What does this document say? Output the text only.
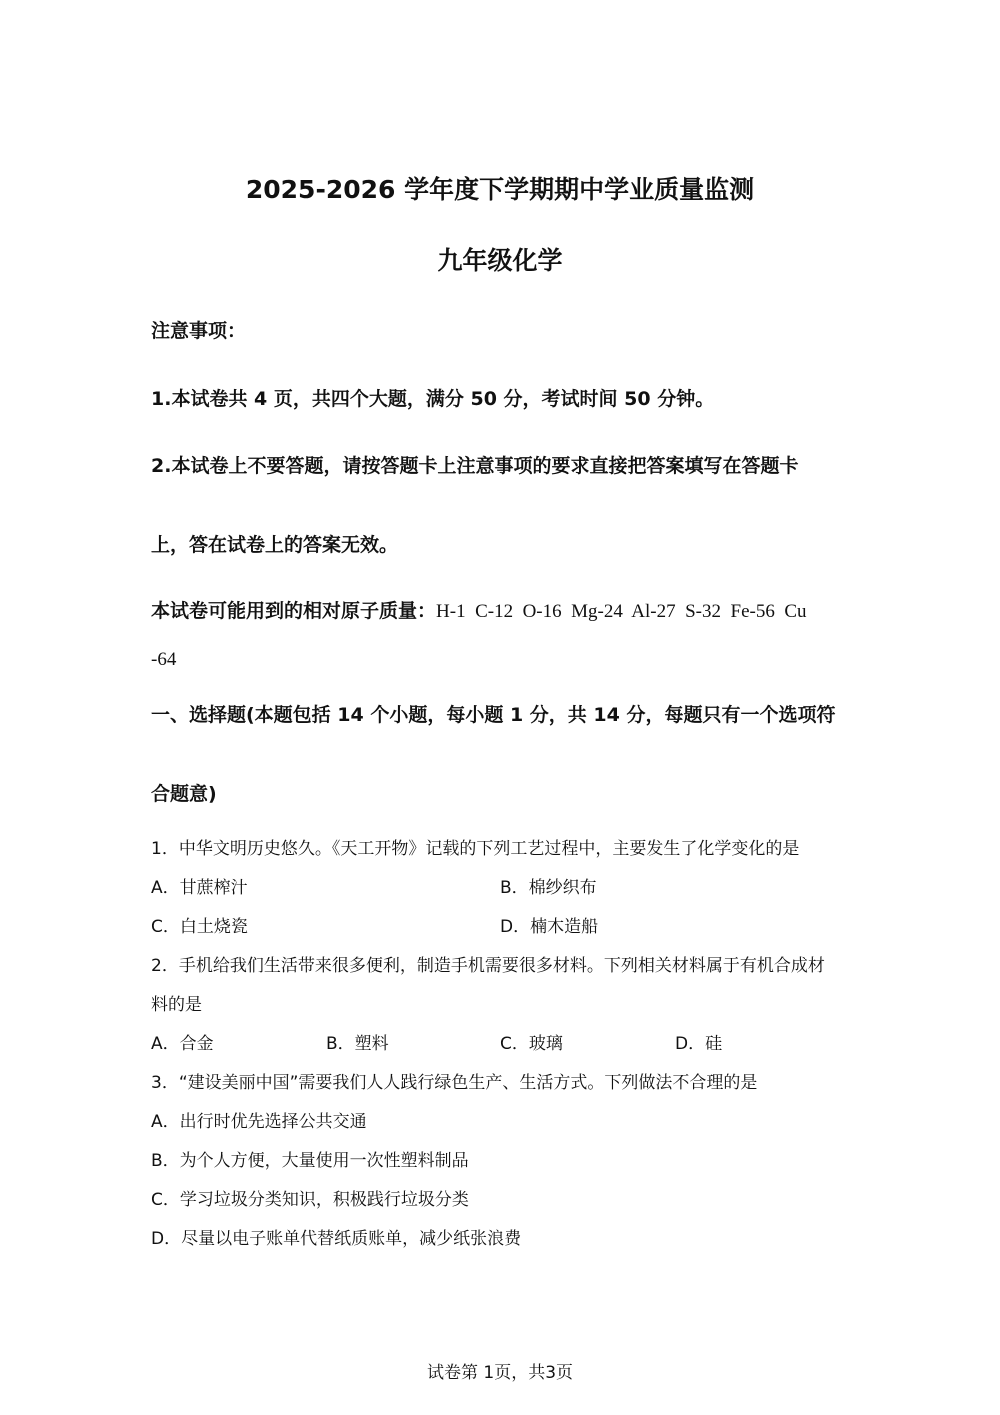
2025-2026 学年度下学期期中学业质量监测
九年级化学
注意事项：
1.本试卷共 4 页，共四个大题，满分 50 分，考试时间 50 分钟。
2.本试卷上不要答题，请按答题卡上注意事项的要求直接把答案填写在答题卡
上，答在试卷上的答案无效。
本试卷可能用到的相对原子质量：H-1  C-12  O-16  Mg-24  Al-27  S-32  Fe-56  Cu
-64
一、选择题(本题包括 14 个小题，每小题 1 分，共 14 分，每题只有一个选项符
合题意)
1．中华文明历史悠久。《天工开物》记载的下列工艺过程中，主要发生了化学变化的是
A．甘蔗榨汁	B．棉纱织布
C．白土烧瓷	D．楠木造船
2．手机给我们生活带来很多便利，制造手机需要很多材料。下列相关材料属于有机合成材
料的是
A．合金	B．塑料	C．玻璃	D．硅
3．“建设美丽中国”需要我们人人践行绿色生产、生活方式。下列做法不合理的是
A．出行时优先选择公共交通
B．为个人方便，大量使用一次性塑料制品
C．学习垃圾分类知识，积极践行垃圾分类
D．尽量以电子账单代替纸质账单，减少纸张浪费
试卷第 1页，共3页
